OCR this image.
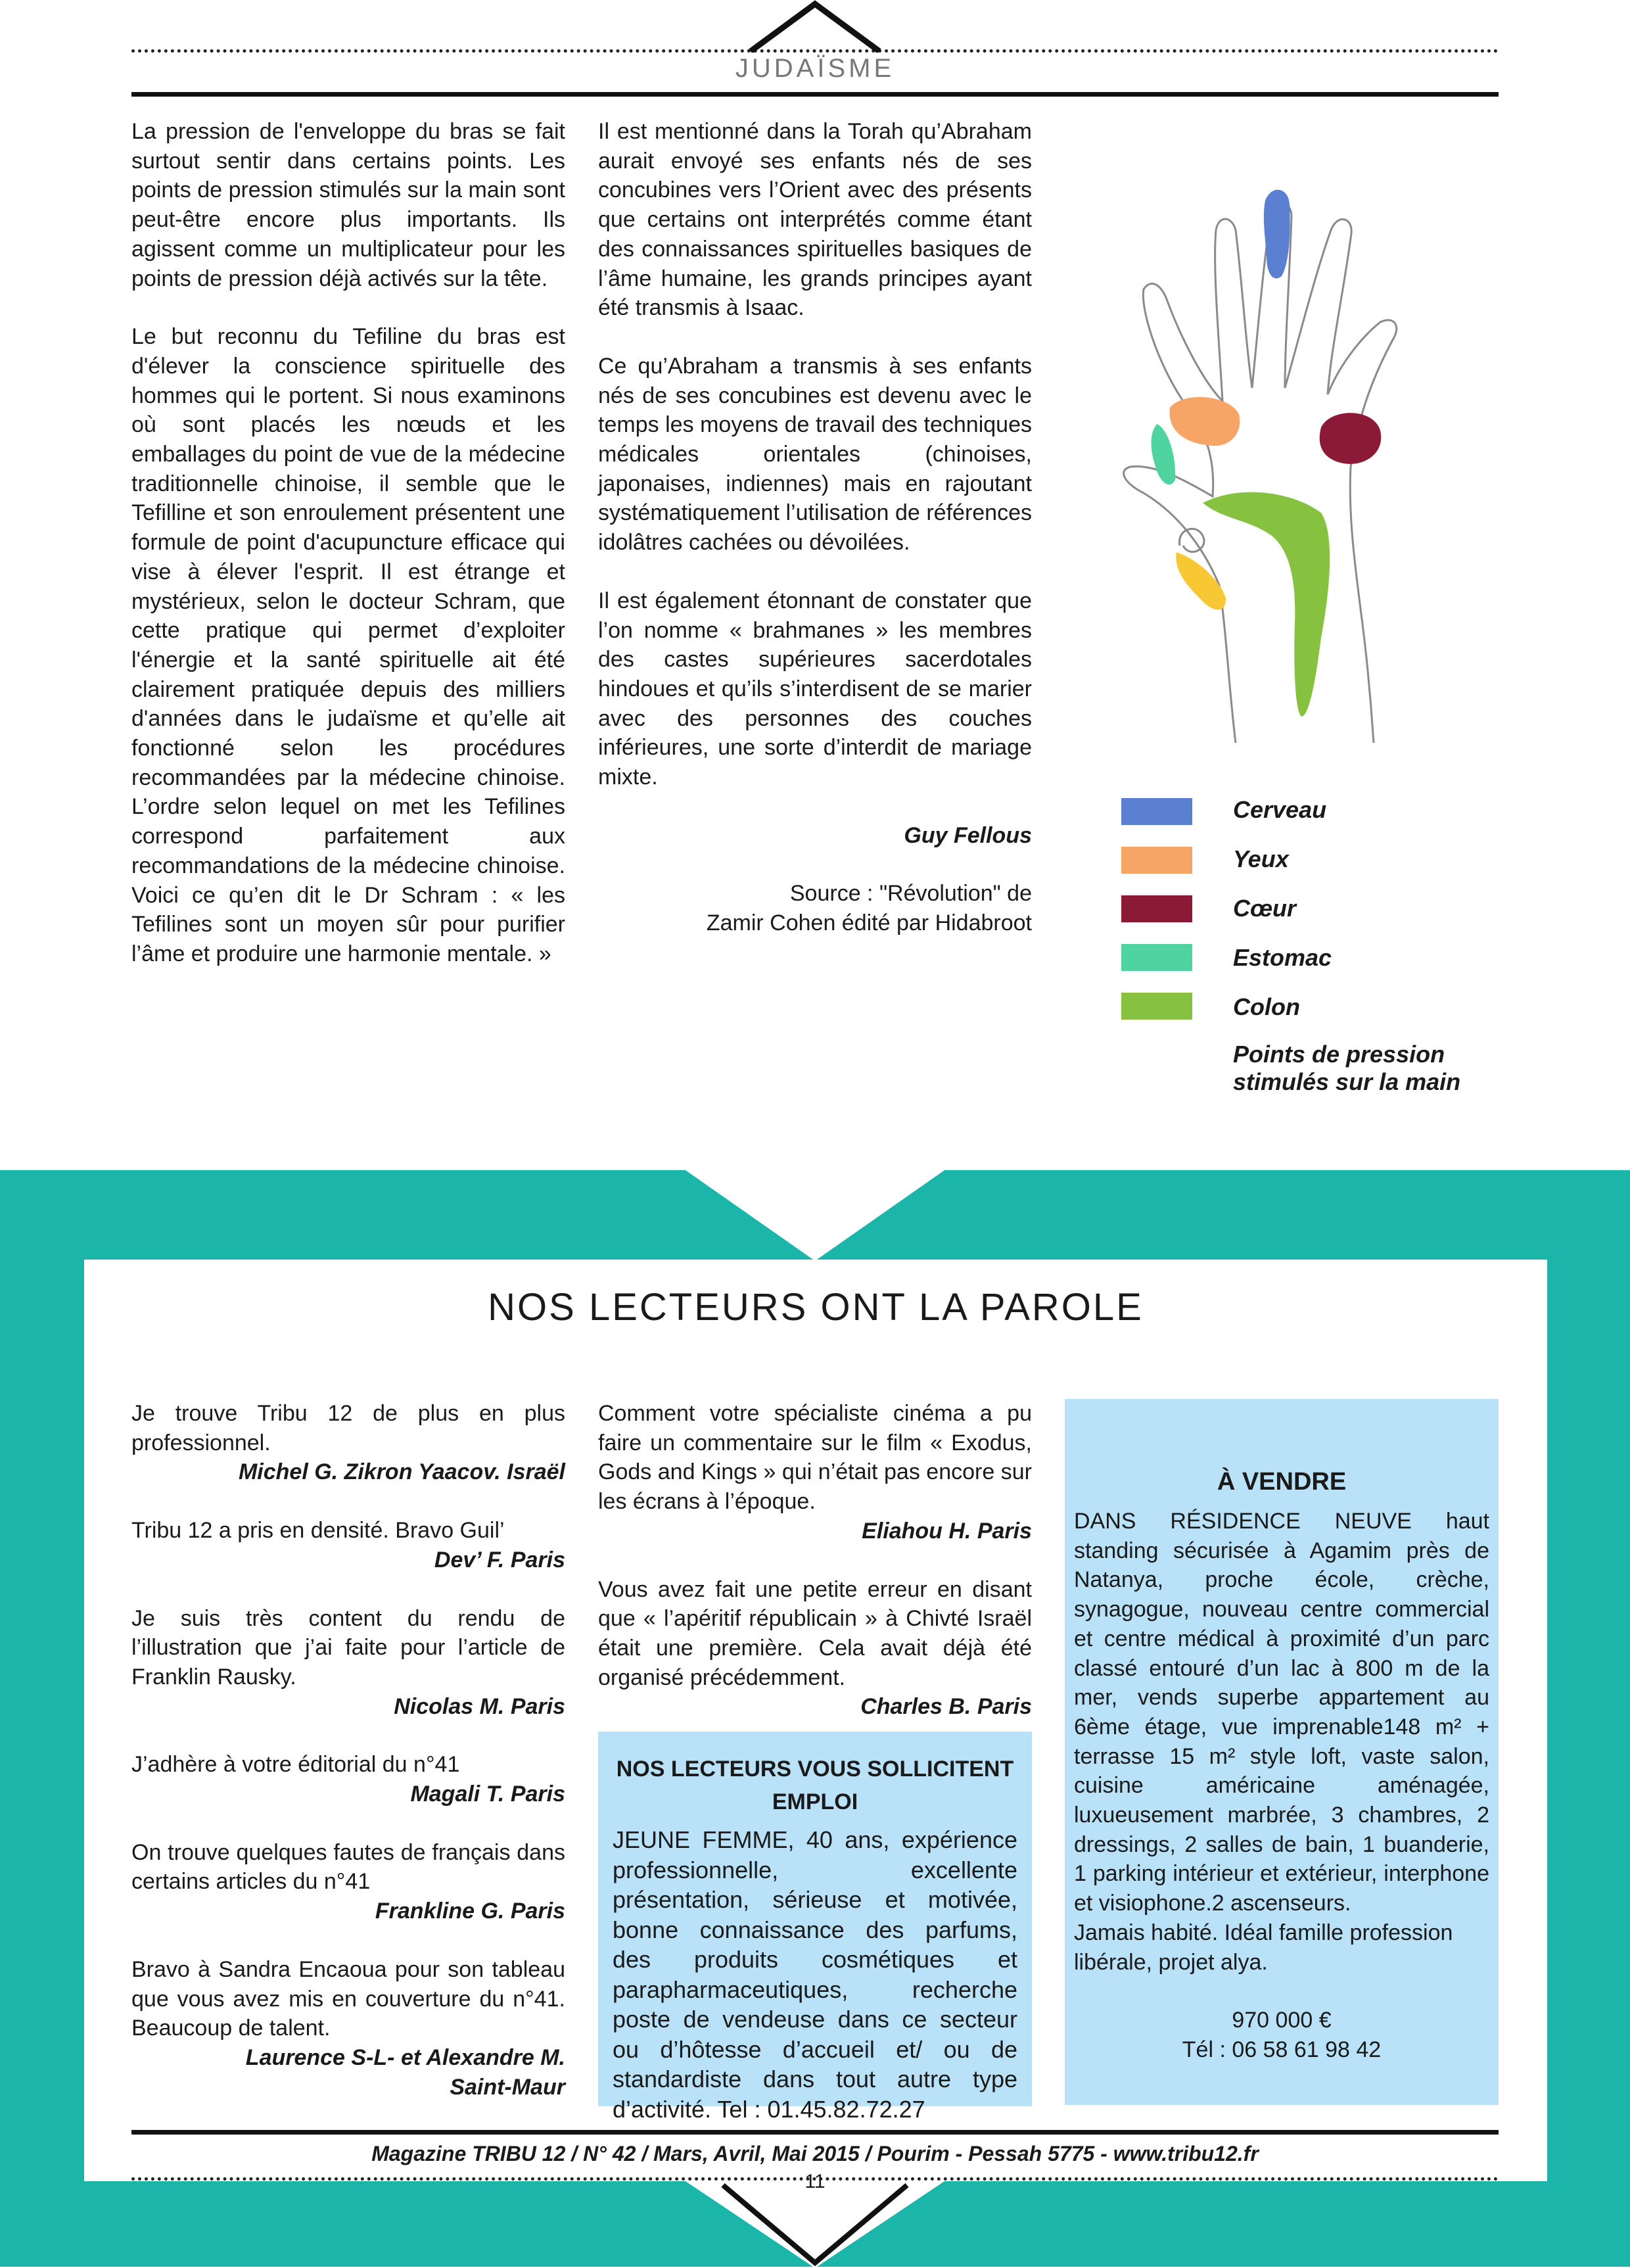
JUDAÏSME

La pression de l'enveloppe du bras se fait surtout sentir dans certains points. Les points de pression stimulés sur la main sont peut-être encore plus importants. Ils agissent comme un multiplicateur pour les points de pression déjà activés sur la tête.

Le but reconnu du Tefiline du bras est d'élever la conscience spirituelle des hommes qui le portent. Si nous examinons où sont placés les nœuds et les emballages du point de vue de la médecine traditionnelle chinoise, il semble que le Tefilline et son enroulement présentent une formule de point d'acupuncture efficace qui vise à élever l'esprit. Il est étrange et mystérieux, selon le docteur Schram, que cette pratique qui permet d’exploiter l'énergie et la santé spirituelle ait été clairement pratiquée depuis des milliers d'années dans le judaïsme et qu’elle ait fonctionné selon les procédures recommandées par la médecine chinoise. L’ordre selon lequel on met les Tefilines correspond parfaitement aux recommandations de la médecine chinoise. Voici ce qu’en dit le Dr Schram : « les Tefilines sont un moyen sûr pour purifier l’âme et produire une harmonie mentale. »

Il est mentionné dans la Torah qu’Abraham aurait envoyé ses enfants nés de ses concubines vers l’Orient avec des présents que certains ont interprétés comme étant des connaissances spirituelles basiques de l’âme humaine, les grands principes ayant été transmis à Isaac.

Ce qu’Abraham a transmis à ses enfants nés de ses concubines est devenu avec le temps les moyens de travail des techniques médicales orientales (chinoises, japonaises, indiennes) mais en rajoutant systématiquement l’utilisation de références idolâtres cachées ou dévoilées.

Il est également étonnant de constater que l’on nomme « brahmanes » les membres des castes supérieures sacerdotales hindoues et qu’ils s’interdisent de se marier avec des personnes des couches inférieures, une sorte d’interdit de mariage mixte.

Guy Fellous
Source : "Révolution" de
Zamir Cohen édité par Hidabroot
Cerveau
Yeux
Cœur
Estomac
Colon
Points de pression
stimulés sur la main
NOS LECTEURS ONT LA PAROLE
Je trouve Tribu 12 de plus en plus professionnel.
Michel G. Zikron Yaacov. Israël
Tribu 12 a pris en densité. Bravo Guil’
Dev’ F. Paris
Je suis très content du rendu de l’illustration que j’ai faite pour l’article de Franklin Rausky.
Nicolas M. Paris
J’adhère à votre éditorial du n°41
Magali T. Paris
On trouve quelques fautes de français dans certains articles du n°41
Frankline G. Paris
Bravo à Sandra Encaoua pour son tableau que vous avez mis en couverture du n°41. Beaucoup de talent.
Laurence S-L- et Alexandre M.
Saint-Maur
Comment votre spécialiste cinéma a pu faire un commentaire sur le film « Exodus, Gods and Kings » qui n’était pas encore sur les écrans à l’époque.
Eliahou H. Paris
Vous avez fait une petite erreur en disant que « l’apéritif républicain » à Chivté Israël était une première. Cela avait déjà été organisé précédemment.
Charles B. Paris
NOS LECTEURS VOUS SOLLICITENT
EMPLOI
JEUNE FEMME, 40 ans, expérience professionnelle, excellente présentation, sérieuse et motivée, bonne connaissance des parfums, des produits cosmétiques et parapharmaceutiques, recherche poste de vendeuse dans ce secteur ou d’hôtesse d’accueil et/ ou de standardiste dans tout autre type d’activité. Tel : 01.45.82.72.27
À VENDRE
DANS RÉSIDENCE NEUVE haut standing sécurisée à Agamim près de Natanya, proche école, crèche, synagogue, nouveau centre commercial et centre médical à proximité d’un parc classé entouré d’un lac à 800 m de la mer, vends superbe appartement au 6ème étage, vue imprenable148 m² + terrasse 15 m² style loft, vaste salon, cuisine américaine aménagée, luxueusement marbrée, 3 chambres, 2 dressings, 2 salles de bain, 1 buanderie, 1 parking intérieur et extérieur, interphone et visiophone.2 ascenseurs.
Jamais habité. Idéal famille profession libérale, projet alya.
970 000 €
Tél : 06 58 61 98 42
Magazine TRIBU 12 / N° 42 / Mars, Avril, Mai 2015 / Pourim - Pessah 5775 - www.tribu12.fr
11
